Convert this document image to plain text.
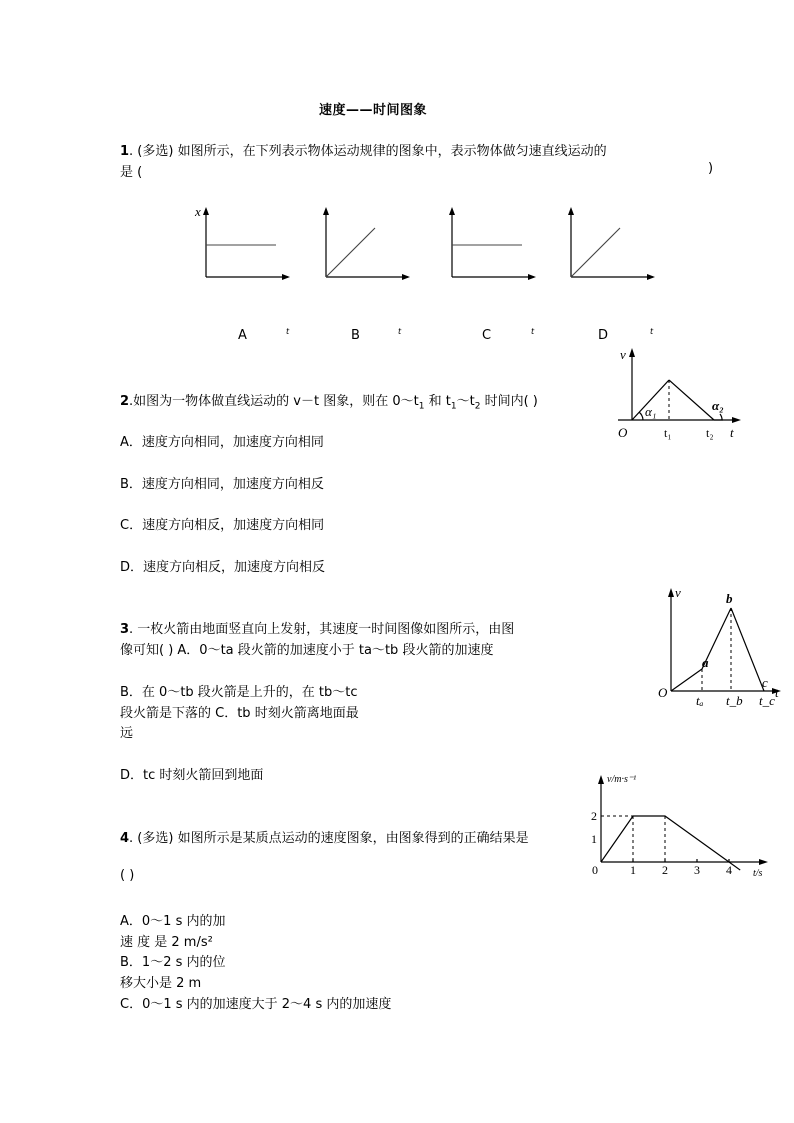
速度——时间图象
1. (多选) 如图所示，在下列表示物体运动规律的图象中，表示物体做匀速直线运动的
是 (	)
x
A	t	B	t	C	t	D	t
2.如图为一物体做直线运动的 v－t 图象，则在 $0\sim t_1$ 和 $t_1\sim t_2$ 时间内( )
A．速度方向相同，加速度方向相同
B．速度方向相同，加速度方向相反
C．速度方向相反，加速度方向相同
D．速度方向相反，加速度方向相反
v
O	t
t₁	t₂
α₁	α₂
3. 一枚火箭由地面竖直向上发射，其速度一时间图像如图所示，由图
像可知( ) A．0～ta 段火箭的加速度小于 ta～tb 段火箭的加速度
B．在 0～tb 段火箭是上升的，在 tb～tc
段火箭是下落的 C．tb 时刻火箭离地面最
远
D．tc 时刻火箭回到地面
v
O	t
a
b
c
tₐ t_b t_c
4. (多选) 如图所示是某质点运动的速度图象，由图象得到的正确结果是
( )
A．0～1 s 内的加
速 度 是 2 m/s²
B．1～2 s 内的位
移大小是 2 m
C．0～1 s 内的加速度大于 2～4 s 内的加速度
0	1 2 3 4
1
2
v/m·s⁻¹
t/s
